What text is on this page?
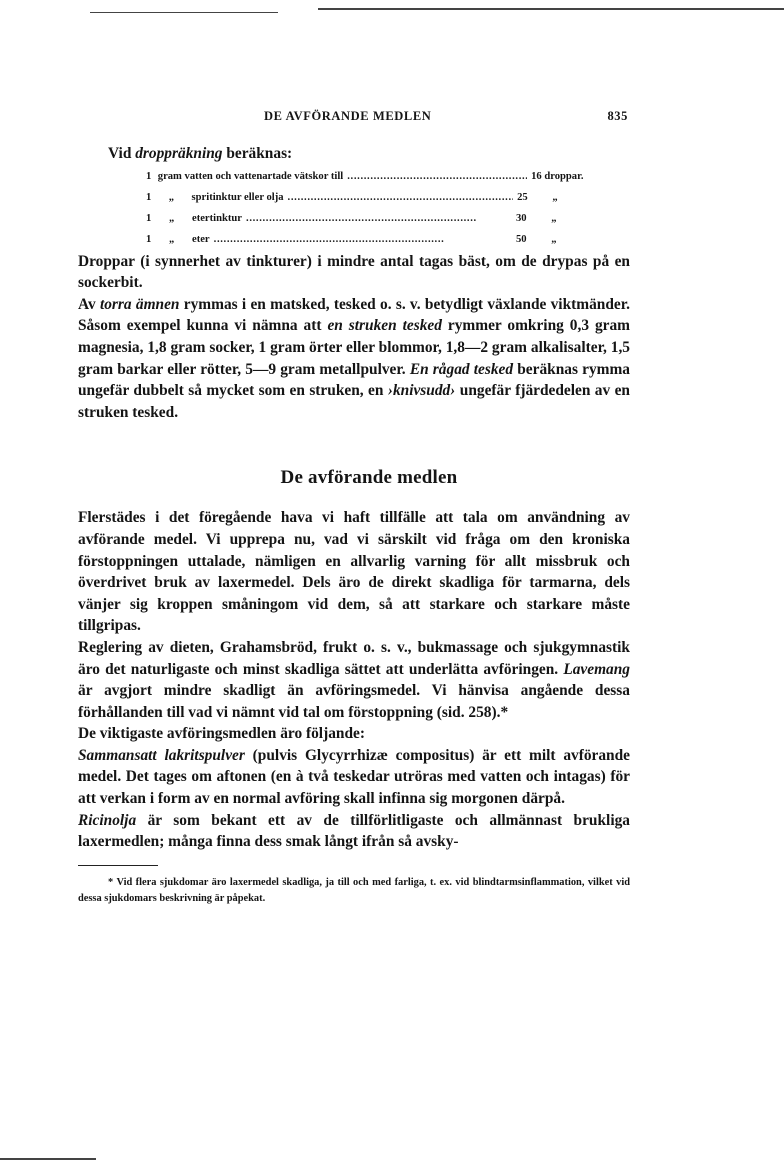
DE AVFÖRANDE MEDLEN	835

Vid droppräkning beräknas:

1 gram vatten och vattenartade vätskor till . . .	16 droppar.
1	„	spritinktur eller olja . . .	25 „
1	„	etertinktur . . .	30 „
1	„	eter . . .	50 „

Droppar (i synnerhet av tinkturer) i mindre antal tagas bäst, om de drypas på en sockerbit.

Av torra ämnen rymmas i en matsked, tesked o. s. v. betydligt växlande viktmänder. Såsom exempel kunna vi nämna att en struken tesked rymmer omkring 0,3 gram magnesia, 1,8 gram socker, 1 gram örter eller blommor, 1,8—2 gram alkalisalter, 1,5 gram barkar eller rötter, 5—9 gram metallpulver. En rågad tesked beräknas rymma ungefär dubbelt så mycket som en struken, en ›knivsudd› ungefär fjärdedelen av en struken tesked.

De avförande medlen

Flerstädes i det föregående hava vi haft tillfälle att tala om användning av avförande medel. Vi upprepa nu, vad vi särskilt vid fråga om den kroniska förstoppningen uttalade, nämligen en allvarlig varning för allt missbruk och överdrivet bruk av laxermedel. Dels äro de direkt skadliga för tarmarna, dels vänjer sig kroppen småningom vid dem, så att starkare och starkare måste tillgripas.

Reglering av dieten, Grahamsbröd, frukt o. s. v., bukmassage och sjukgymnastik äro det naturligaste och minst skadliga sättet att underlätta avföringen. Lavemang är avgjort mindre skadligt än avföringsmedel. Vi hänvisa angående dessa förhållanden till vad vi nämnt vid tal om förstoppning (sid. 258).*

De viktigaste avföringsmedlen äro följande:

Sammansatt lakritspulver (pulvis Glycyrrhizæ compositus) är ett milt avförande medel. Det tages om aftonen (en à två teskedar utröras med vatten och intagas) för att verkan i form av en normal avföring skall infinna sig morgonen därpå.

Ricinolja är som bekant ett av de tillförlitligaste och allmännast brukliga laxermedlen; många finna dess smak långt ifrån så avsky-

* Vid flera sjukdomar äro laxermedel skadliga, ja till och med farliga, t. ex. vid blindtarmsinflammation, vilket vid dessa sjukdomars beskrivning är påpekat.
